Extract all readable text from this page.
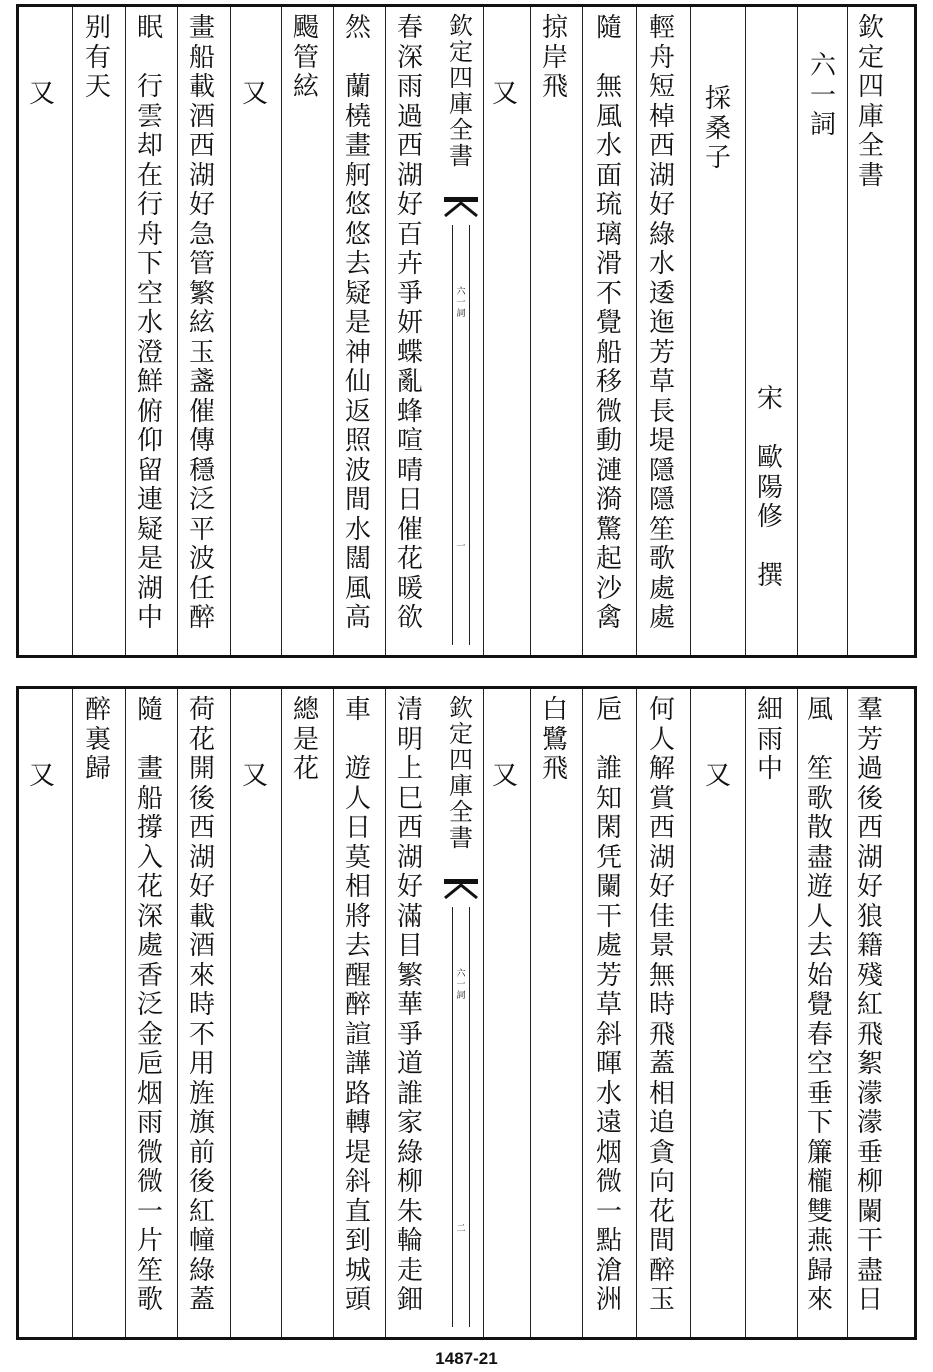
欽
定
四
庫
全
書
六
一
詞
宋

歐
陽
修

撰
採
桑
子
輕
舟
短
棹
西
湖
好
綠
水
逶
迤
芳
草
長
堤
隱
隱
笙
歌
處
處
隨

無
風
水
面
琉
璃
滑
不
覺
船
移
微
動
漣
漪
驚
起
沙
禽
掠
岸
飛
又
春
深
雨
過
西
湖
好
百
卉
爭
妍
蝶
亂
蜂
喧
晴
日
催
花
暖
欲
然

蘭
橈
畫
舸
悠
悠
去
疑
是
神
仙
返
照
波
間
水
闊
風
高
颺
管
絃
又
畫
船
載
酒
西
湖
好
急
管
繁
絃
玉
盞
催
傳
穩
泛
平
波
任
醉
眠

行
雲
却
在
行
舟
下
空
水
澄
鮮
俯
仰
留
連
疑
是
湖
中
别
有
天
又
欽
定
四
庫
全
書
六
一
詞
一
羣
芳
過
後
西
湖
好
狼
籍
殘
紅
飛
絮
濛
濛
垂
柳
闌
干
盡
日
風

笙
歌
散
盡
遊
人
去
始
覺
春
空
垂
下
簾
櫳
雙
燕
歸
來
細
雨
中
又
何
人
解
賞
西
湖
好
佳
景
無
時
飛
蓋
相
追
貪
向
花
間
醉
玉
巵

誰
知
閑
凭
闌
干
處
芳
草
斜
暉
水
遠
烟
微
一
點
滄
洲
白
鷺
飛
又
清
明
上
巳
西
湖
好
滿
目
繁
華
爭
道
誰
家
綠
柳
朱
輪
走
鈿
車

遊
人
日
莫
相
將
去
醒
醉
諠
譁
路
轉
堤
斜
直
到
城
頭
總
是
花
又
荷
花
開
後
西
湖
好
載
酒
來
時
不
用
旌
旗
前
後
紅
幢
綠
蓋
隨

畫
船
撐
入
花
深
處
香
泛
金
巵
烟
雨
微
微
一
片
笙
歌
醉
裏
歸
又
欽
定
四
庫
全
書
六
一
詞
二
1487-21
